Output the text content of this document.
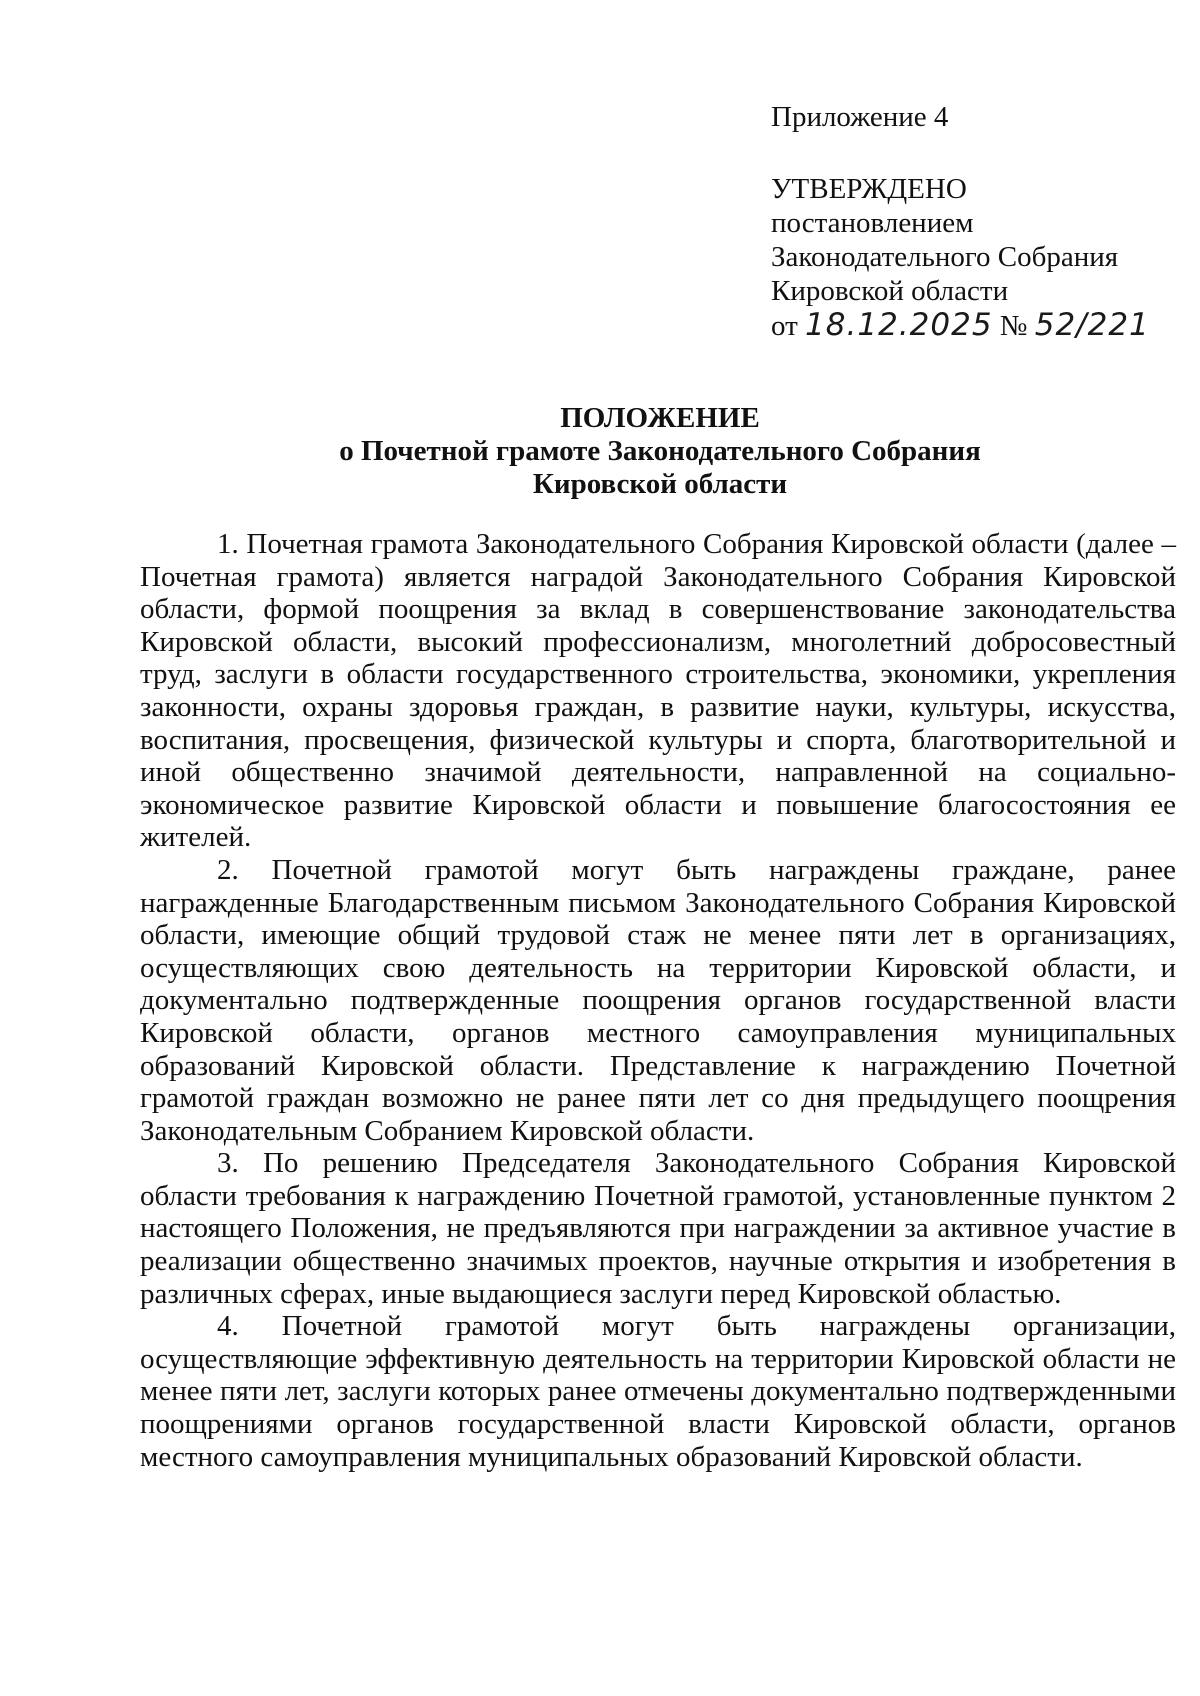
Приложение 4

УТВЕРЖДЕНО

постановлением

Законодательного Собрания

Кировской области

от 18.12.2025 № 52/221

ПОЛОЖЕНИЕ
о Почетной грамоте Законодательного Собрания
Кировской области

1. Почетная грамота Законодательного Собрания Кировской области (далее – Почетная грамота) является наградой Законодательного Собрания Кировской области, формой поощрения за вклад в совершенствование законодательства Кировской области, высокий профессионализм, многолетний добросовестный труд, заслуги в области государственного строительства, экономики, укрепления законности, охраны здоровья граждан, в развитие науки, культуры, искусства, воспитания, просвещения, физической культуры и спорта, благотворительной и иной общественно значимой деятельности, направленной на социально-экономическое развитие Кировской области и повышение благосостояния ее жителей.

2. Почетной грамотой могут быть награждены граждане, ранее награжденные Благодарственным письмом Законодательного Собрания Кировской области, имеющие общий трудовой стаж не менее пяти лет в организациях, осуществляющих свою деятельность на территории Кировской области, и документально подтвержденные поощрения органов государственной власти Кировской области, органов местного самоуправления муниципальных образований Кировской области. Представление к награждению Почетной грамотой граждан возможно не ранее пяти лет со дня предыдущего поощрения Законодательным Собранием Кировской области.

3. По решению Председателя Законодательного Собрания Кировской области требования к награждению Почетной грамотой, установленные пунктом 2 настоящего Положения, не предъявляются при награждении за активное участие в реализации общественно значимых проектов, научные открытия и изобретения в различных сферах, иные выдающиеся заслуги перед Кировской областью.

4. Почетной грамотой могут быть награждены организации, осуществляющие эффективную деятельность на территории Кировской области не менее пяти лет, заслуги которых ранее отмечены документально подтвержденными поощрениями органов государственной власти Кировской области, органов местного самоуправления муниципальных образований Кировской области.
